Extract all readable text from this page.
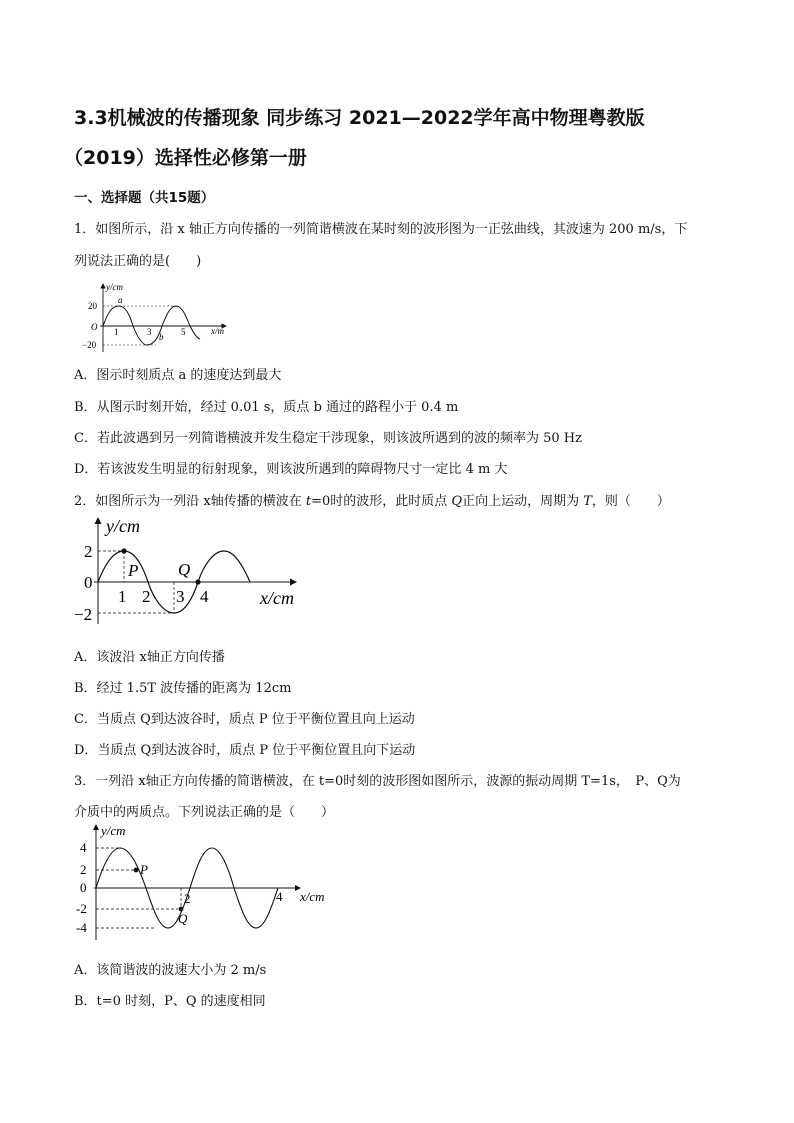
3.3机械波的传播现象 同步练习 2021—2022学年高中物理粤教版
（2019）选择性必修第一册
一、选择题（共15题）
1．如图所示，沿 x 轴正方向传播的一列简谐横波在某时刻的波形图为一正弦曲线，其波速为 200 m/s，下
列说法正确的是(　　)
y/cm
x/m
O
20
−20
1	3	5
a
b
A．图示时刻质点 a 的速度达到最大
B．从图示时刻开始，经过 0.01 s，质点 b 通过的路程小于 0.4 m
C．若此波遇到另一列简谐横波并发生稳定干涉现象，则该波所遇到的波的频率为 50 Hz
D．若该波发生明显的衍射现象，则该波所遇到的障碍物尺寸一定比 4 m 大
2．如图所示为一列沿 x轴传播的横波在 t=0时的波形，此时质点 Q正向上运动，周期为 T，则（　　）
y/cm
x/cm
2
0
−2
1 2 3 4
P Q
A．该波沿 x轴正方向传播
B．经过 1.5T 波传播的距离为 12cm
C．当质点 Q到达波谷时，质点 P 位于平衡位置且向上运动
D．当质点 Q到达波谷时，质点 P 位于平衡位置且向下运动
3．一列沿 x轴正方向传播的简谐横波，在 t=0时刻的波形图如图所示，波源的振动周期 T=1s，　P、Q为
介质中的两质点。下列说法正确的是（　　）
y/cm
x/cm
4
2
0
-2
-4
2	4
P
Q
A．该简谐波的波速大小为 2 m/s
B．t=0 时刻，P、Q 的速度相同
